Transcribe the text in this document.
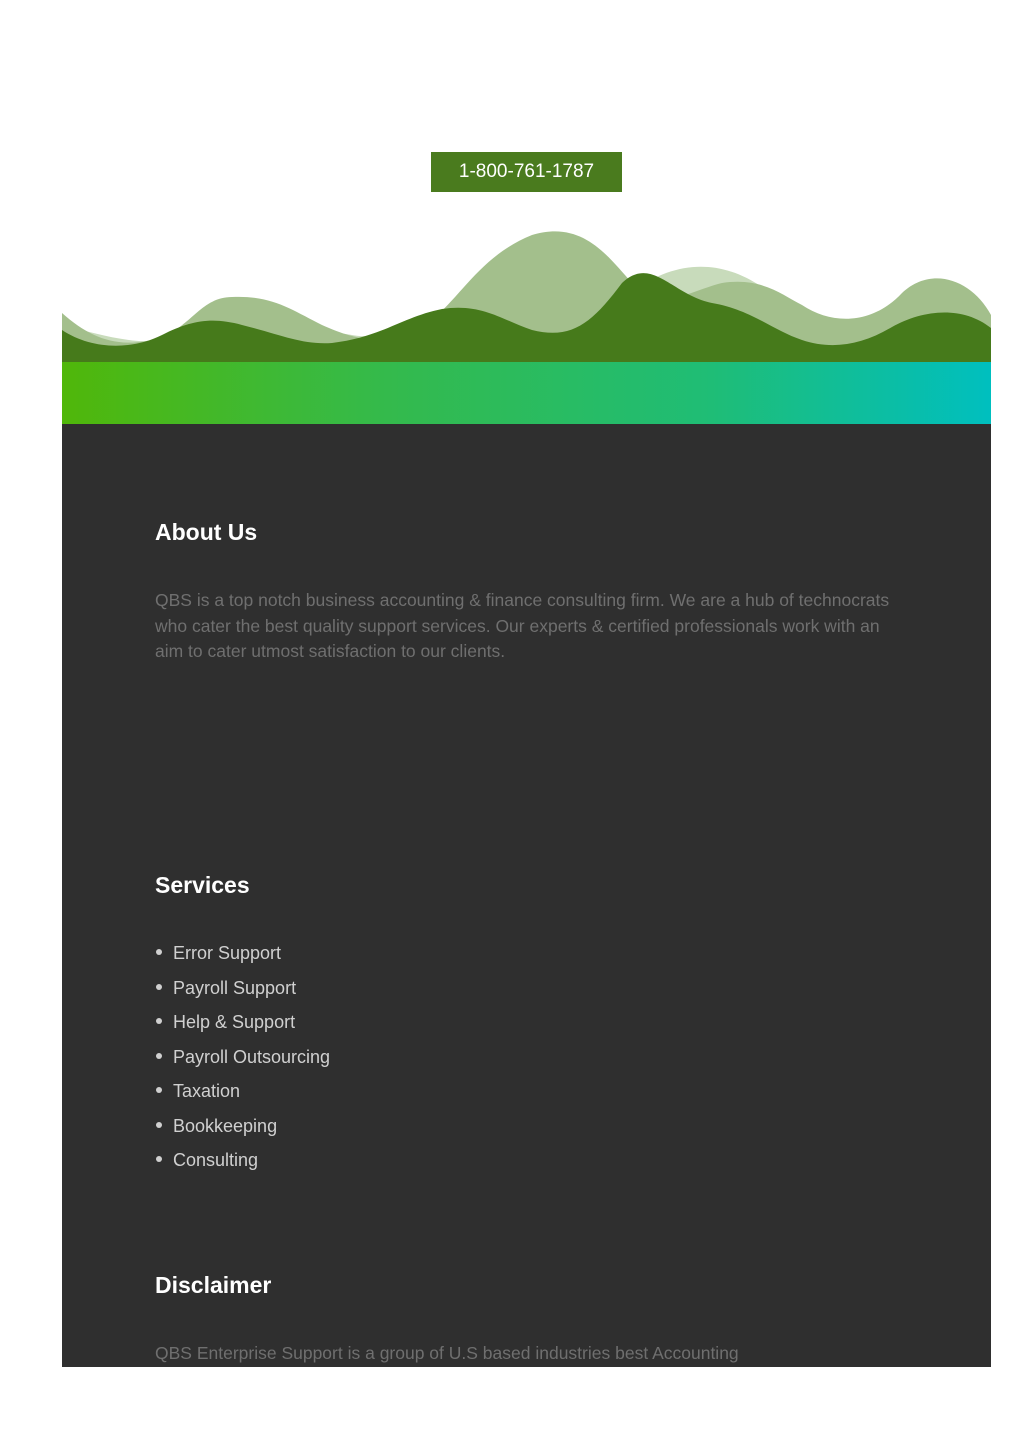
1-800-761-1787
About Us

QBS is a top notch business accounting & finance consulting firm. We are a hub of technocrats who cater the best quality support services. Our experts & certified professionals work with an aim to cater utmost satisfaction to our clients.

Services
Error Support
Payroll Support
Help & Support
Payroll Outsourcing
Taxation
Bookkeeping
Consulting
Disclaimer

QBS Enterprise Support is a group of U.S based industries best Accounting
